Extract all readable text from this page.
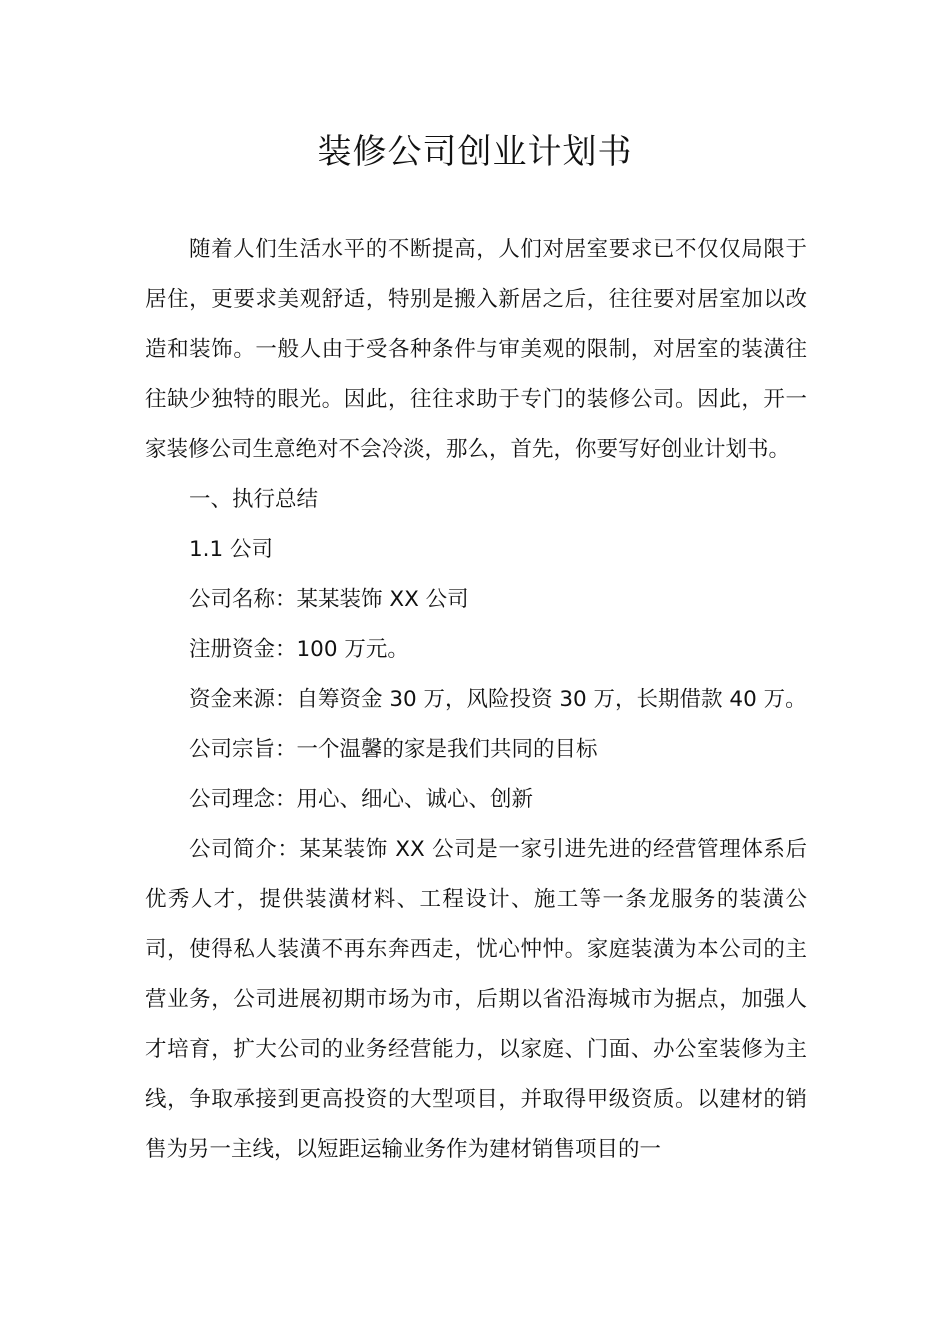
装修公司创业计划书

随着人们生活水平的不断提高，人们对居室要求已不仅仅局限于居住，更要求美观舒适，特别是搬入新居之后，往往要对居室加以改造和装饰。一般人由于受各种条件与审美观的限制，对居室的装潢往往缺少独特的眼光。因此，往往求助于专门的装修公司。因此，开一家装修公司生意绝对不会冷淡，那么，首先，你要写好创业计划书。

一、执行总结

1.1 公司

公司名称：某某装饰 XX 公司

注册资金：100 万元。

资金来源：自筹资金 30 万，风险投资 30 万，长期借款 40 万。

公司宗旨：一个温馨的家是我们共同的目标

公司理念：用心、细心、诚心、创新

公司简介：某某装饰 XX 公司是一家引进先进的经营管理体系后优秀人才，提供装潢材料、工程设计、施工等一条龙服务的装潢公司，使得私人装潢不再东奔西走，忧心忡忡。家庭装潢为本公司的主营业务，公司进展初期市场为市，后期以省沿海城市为据点，加强人才培育，扩大公司的业务经营能力，以家庭、门面、办公室装修为主线，争取承接到更高投资的大型项目，并取得甲级资质。以建材的销售为另一主线，以短距运输业务作为建材销售项目的一
